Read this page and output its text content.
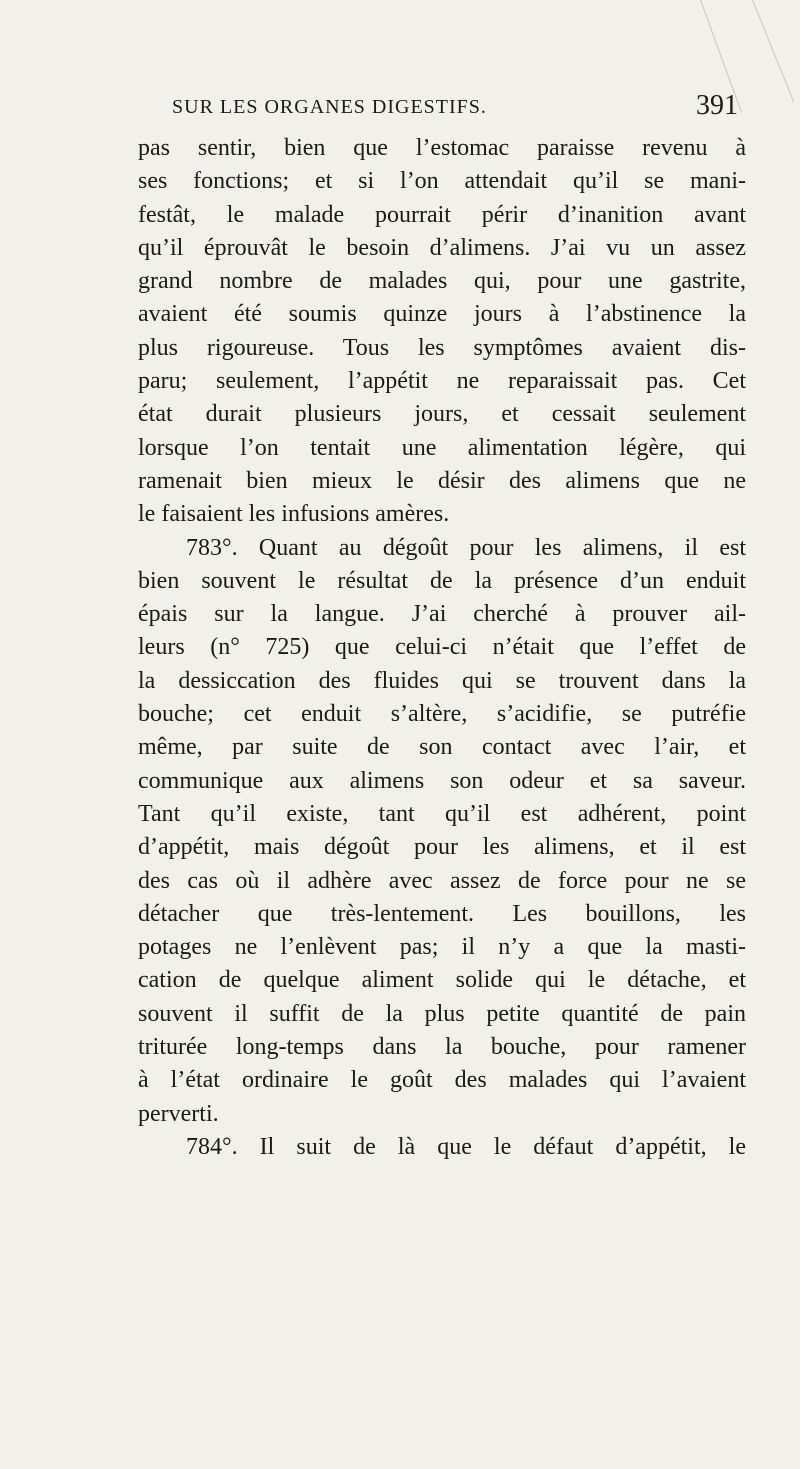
SUR LES ORGANES DIGESTIFS.	391
pas sentir, bien que l’estomac paraisse revenu à
ses fonctions; et si l’on attendait qu’il se mani-
festât, le malade pourrait périr d’inanition avant
qu’il éprouvât le besoin d’alimens. J’ai vu un assez
grand nombre de malades qui, pour une gastrite,
avaient été soumis quinze jours à l’abstinence la
plus rigoureuse. Tous les symptômes avaient dis-
paru; seulement, l’appétit ne reparaissait pas. Cet
état durait plusieurs jours, et cessait seulement
lorsque l’on tentait une alimentation légère, qui
ramenait bien mieux le désir des alimens que ne
le faisaient les infusions amères.
783°. Quant au dégoût pour les alimens, il est
bien souvent le résultat de la présence d’un enduit
épais sur la langue. J’ai cherché à prouver ail-
leurs (n° 725) que celui-ci n’était que l’effet de
la dessiccation des fluides qui se trouvent dans la
bouche; cet enduit s’altère, s’acidifie, se putréfie
même, par suite de son contact avec l’air, et
communique aux alimens son odeur et sa saveur.
Tant qu’il existe, tant qu’il est adhérent, point
d’appétit, mais dégoût pour les alimens, et il est
des cas où il adhère avec assez de force pour ne se
détacher que très-lentement. Les bouillons, les
potages ne l’enlèvent pas; il n’y a que la masti-
cation de quelque aliment solide qui le détache, et
souvent il suffit de la plus petite quantité de pain
triturée long-temps dans la bouche, pour ramener
à l’état ordinaire le goût des malades qui l’avaient
perverti.
784°. Il suit de là que le défaut d’appétit, le
